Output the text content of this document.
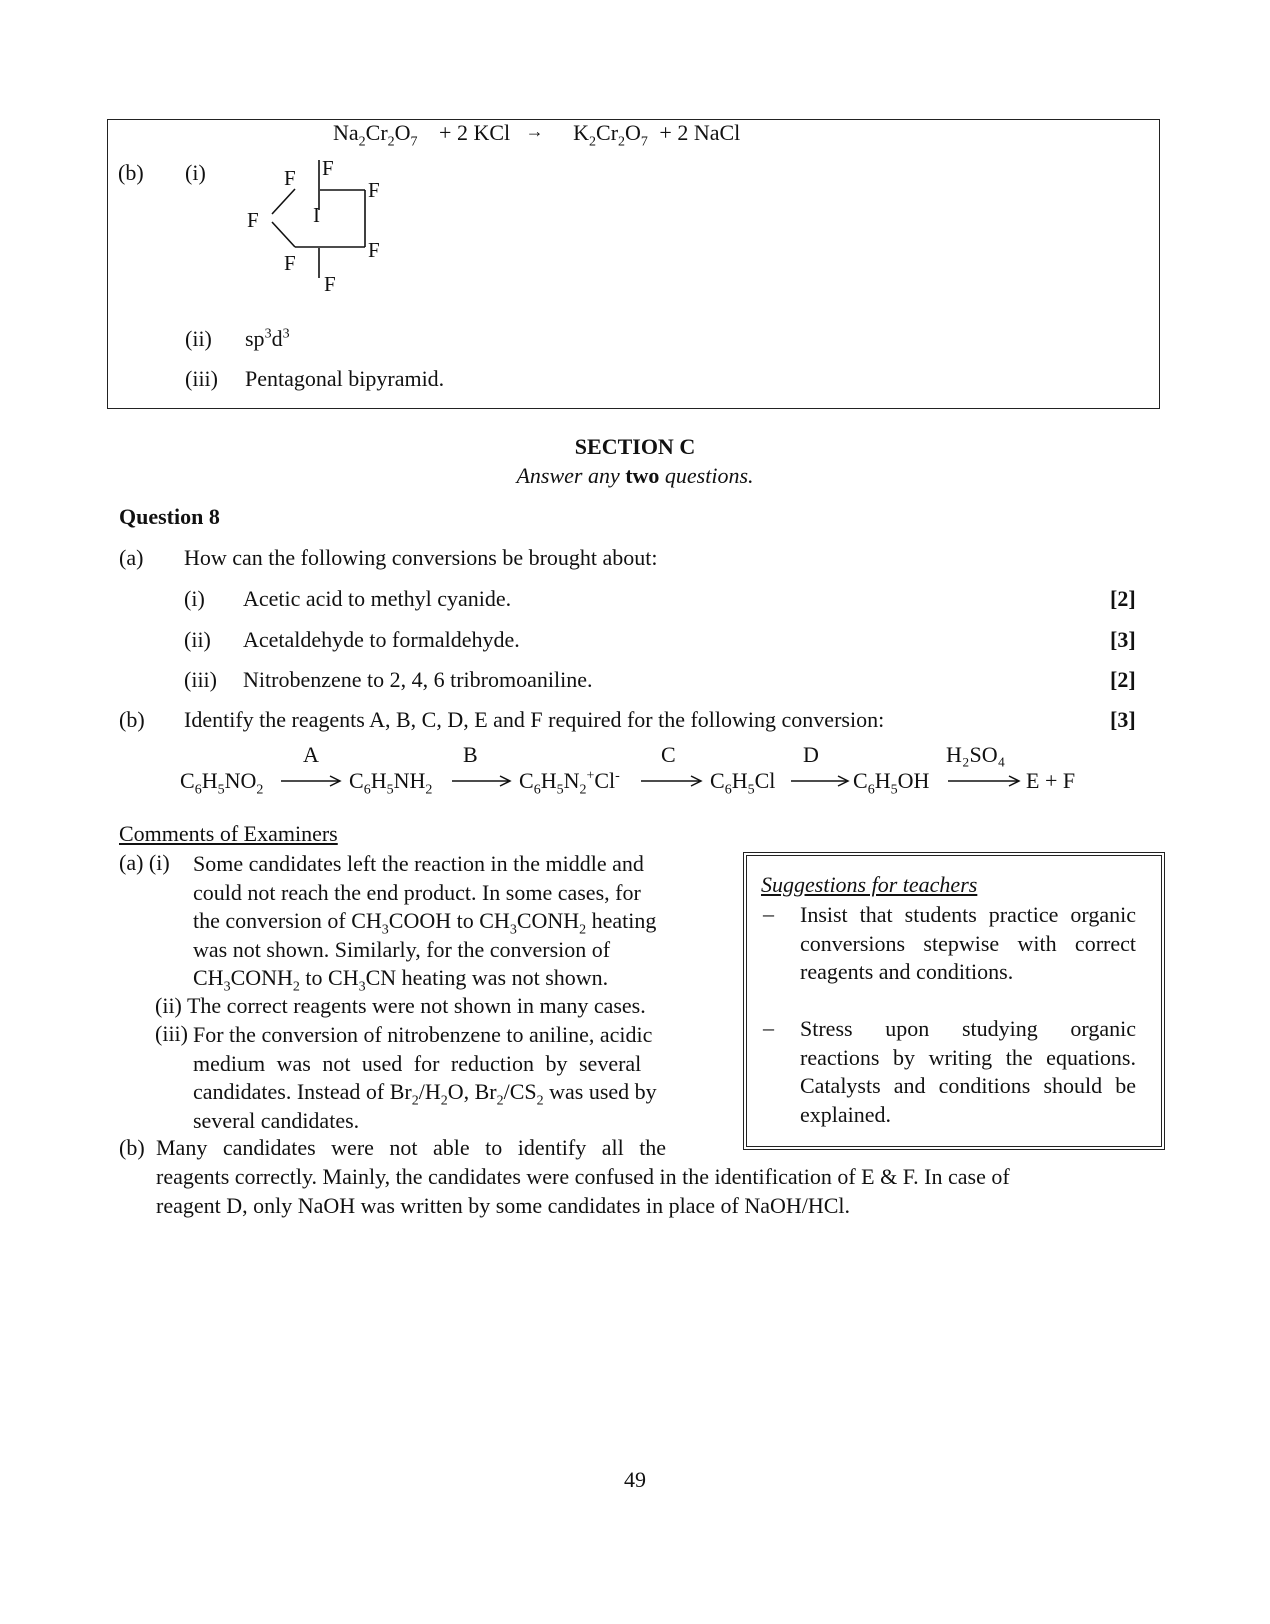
$Na_2Cr_2O_7 + 2$ KCl → $K_2Cr_2O_7 + 2$ NaCl
(b) (i)	F
F	F
I
F
F
F
F
(ii) $sp^3d^3$
(iii) Pentagonal bipyramid.
SECTION C
Answer any two questions.
Question 8
(a) How can the following conversions be brought about:
(i) Acetic acid to methyl cyanide.	[2]
(ii) Acetaldehyde to formaldehyde.	[3]
(iii) Nitrobenzene to 2, 4, 6 tribromoaniline.	[2]
(b) Identify the reagents A, B, C, D, E and F required for the following conversion:	[3]
A	B	C	D	H₂SO₄
$C_6H_5NO_2$	$C_6H_5NH_2$	$C_6H_5N_2^+Cl^-$	$C_6H_5Cl$	$C_6H_5OH$	E + F
Comments of Examiners
(a) (i) Some candidates left the reaction in the middle and
could not reach the end product. In some cases, for
the conversion of $CH_3COOH$ to $CH_3CONH_2$ heating
was not shown. Similarly, for the conversion of
$CH_3CONH_2$ to $CH_3CN$ heating was not shown.
(ii) The correct reagents were not shown in many cases.
(iii) For the conversion of nitrobenzene to aniline, acidic
medium was not used for reduction by several
candidates. Instead of $Br_2/H_2O$, $Br_2/CS_2$ was used by
several candidates.
(b) Many candidates were not able to identify all the
reagents correctly. Mainly, the candidates were confused in the identification of E & F. In case of
reagent D, only NaOH was written by some candidates in place of NaOH/HCl.
Suggestions for teachers
– Insist that students practice organic conversions stepwise with correct reagents and conditions.
– Stress upon studying organic reactions by writing the equations. Catalysts and conditions should be explained.
49
